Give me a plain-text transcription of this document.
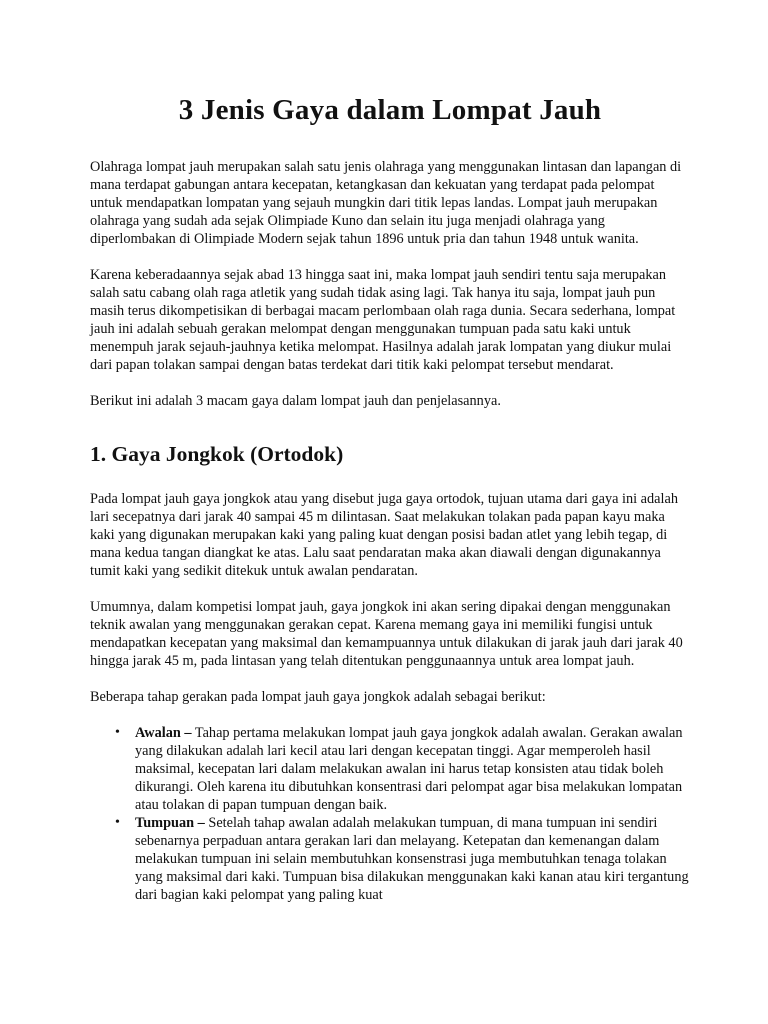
3 Jenis Gaya dalam Lompat Jauh

Olahraga lompat jauh merupakan salah satu jenis olahraga yang menggunakan lintasan dan lapangan di mana terdapat gabungan antara kecepatan, ketangkasan dan kekuatan yang terdapat pada pelompat untuk mendapatkan lompatan yang sejauh mungkin dari titik lepas landas. Lompat jauh merupakan olahraga yang sudah ada sejak Olimpiade Kuno dan selain itu juga menjadi olahraga yang diperlombakan di Olimpiade Modern sejak tahun 1896 untuk pria dan tahun 1948 untuk wanita.

Karena keberadaannya sejak abad 13 hingga saat ini, maka lompat jauh sendiri tentu saja merupakan salah satu cabang olah raga atletik yang sudah tidak asing lagi. Tak hanya itu saja, lompat jauh pun masih terus dikompetisikan di berbagai macam perlombaan olah raga dunia. Secara sederhana, lompat jauh ini adalah sebuah gerakan melompat dengan menggunakan tumpuan pada satu kaki untuk menempuh jarak sejauh-jauhnya ketika melompat. Hasilnya adalah jarak lompatan yang diukur mulai dari papan tolakan sampai dengan batas terdekat dari titik kaki pelompat tersebut mendarat.

Berikut ini adalah 3 macam gaya dalam lompat jauh dan penjelasannya.

1. Gaya Jongkok (Ortodok)

Pada lompat jauh gaya jongkok atau yang disebut juga gaya ortodok, tujuan utama dari gaya ini adalah lari secepatnya dari jarak 40 sampai 45 m dilintasan. Saat melakukan tolakan pada papan kayu maka kaki yang digunakan merupakan kaki yang paling kuat dengan posisi badan atlet yang lebih tegap, di mana kedua tangan diangkat ke atas. Lalu saat pendaratan maka akan diawali dengan digunakannya tumit kaki yang sedikit ditekuk untuk awalan pendaratan.

Umumnya, dalam kompetisi lompat jauh, gaya jongkok ini akan sering dipakai dengan menggunakan teknik awalan yang menggunakan gerakan cepat. Karena memang gaya ini memiliki fungisi untuk mendapatkan kecepatan yang maksimal dan kemampuannya untuk dilakukan di jarak jauh dari jarak 40 hingga jarak 45 m, pada lintasan yang telah ditentukan penggunaannya untuk area lompat jauh.

Beberapa tahap gerakan pada lompat jauh gaya jongkok adalah sebagai berikut:

• Awalan – Tahap pertama melakukan lompat jauh gaya jongkok adalah awalan. Gerakan awalan yang dilakukan adalah lari kecil atau lari dengan kecepatan tinggi. Agar memperoleh hasil maksimal, kecepatan lari dalam melakukan awalan ini harus tetap konsisten atau tidak boleh dikurangi. Oleh karena itu dibutuhkan konsentrasi dari pelompat agar bisa melakukan lompatan atau tolakan di papan tumpuan dengan baik.
• Tumpuan – Setelah tahap awalan adalah melakukan tumpuan, di mana tumpuan ini sendiri sebenarnya perpaduan antara gerakan lari dan melayang. Ketepatan dan kemenangan dalam melakukan tumpuan ini selain membutuhkan konsenstrasi juga membutuhkan tenaga tolakan yang maksimal dari kaki. Tumpuan bisa dilakukan menggunakan kaki kanan atau kiri tergantung dari bagian kaki pelompat yang paling kuat
